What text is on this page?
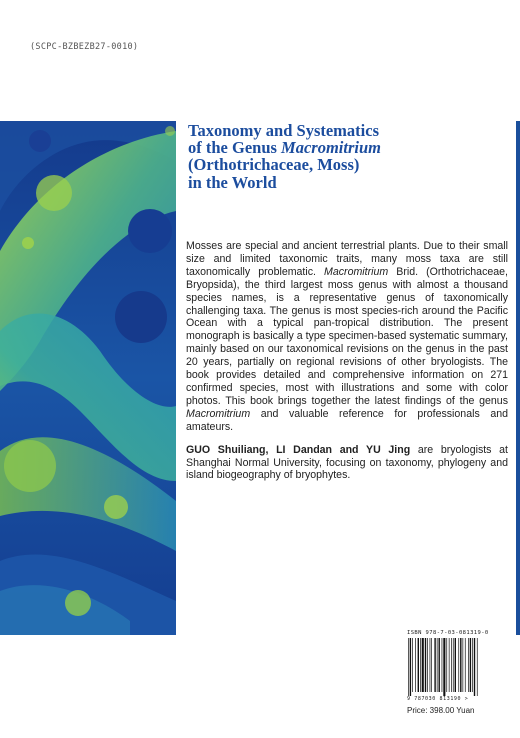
(SCPC-BZBEZB27-0010)
Taxonomy and Systematics
of the Genus Macromitrium
(Orthotrichaceae, Moss)
in the World

Mosses are special and ancient terrestrial plants. Due to their small size and limited taxonomic traits, many moss taxa are still taxonomically problematic. Macromitrium Brid. (Orthotrichaceae, Bryopsida), the third largest moss genus with almost a thousand species names, is a representative genus of taxonomically challenging taxa. The genus is most species-rich around the Pacific Ocean with a typical pan-tropical distribution. The present monograph is basically a type specimen-based systematic summary, mainly based on our taxonomical revisions on the genus in the past 20 years, partially on regional revisions of other bryologists. The book provides detailed and comprehensive information on 271 confirmed species, most with illustrations and some with color photos. This book brings together the latest findings of the genus Macromitrium and valuable reference for professionals and amateurs.

GUO Shuiliang, LI Dandan and YU Jing are bryologists at Shanghai Normal University, focusing on taxonomy, phylogeny and island biogeography of bryophytes.

ISBN 978-7-03-081319-0
9 787030 813190 >
Price: 398.00 Yuan
